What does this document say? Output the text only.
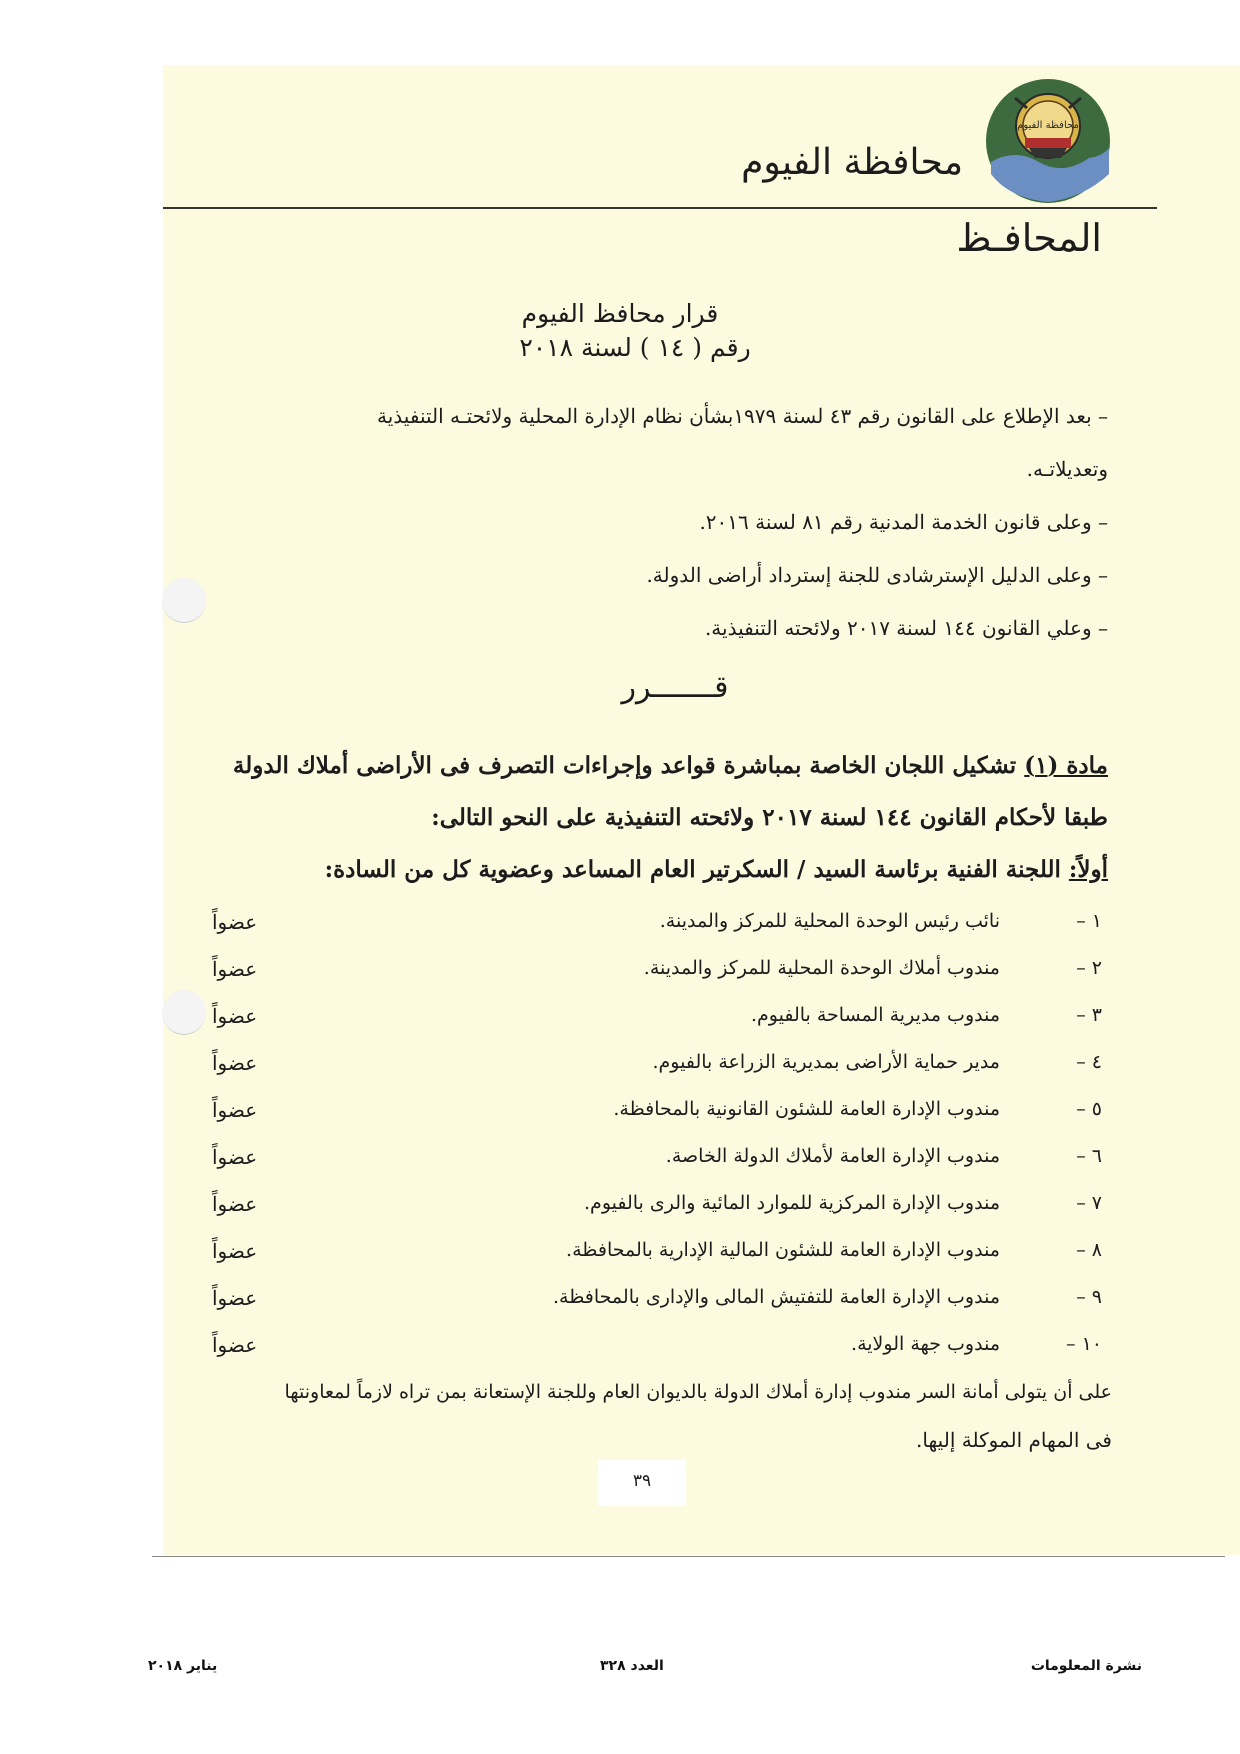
محافظة الفيوم
محافظة الفيوم
المحافـظ
قرار محافظ الفيوم
رقم ( ١٤ ) لسنة ٢٠١٨
– بعد الإطلاع على القانون رقم ٤٣ لسنة ١٩٧٩بشأن نظام الإدارة المحلية ولائحتـه التنفيذية
وتعديلاتـه.
– وعلى قانون الخدمة المدنية رقم ٨١ لسنة ٢٠١٦.
– وعلى الدليل الإسترشادى للجنة إسترداد أراضى الدولة.
– وعلي القانون ١٤٤ لسنة ٢٠١٧ ولائحته التنفيذية.
قـــــــرر
مادة (١) تشكيل اللجان الخاصة بمباشرة قواعد وإجراءات التصرف فى الأراضى أملاك الدولة
طبقا لأحكام القانون ١٤٤ لسنة ٢٠١٧ ولائحته التنفيذية على النحو التالى:
أولاً: اللجنة الفنية برئاسة السيد / السكرتير العام المساعد وعضوية كل من السادة:
١ –
نائب رئيس الوحدة المحلية للمركز والمدينة.
عضواً
٢ –
مندوب أملاك الوحدة المحلية للمركز والمدينة.
عضواً
٣ –
مندوب مديرية المساحة بالفيوم.
عضواً
٤ –
مدير حماية الأراضى بمديرية الزراعة بالفيوم.
عضواً
٥ –
مندوب الإدارة العامة للشئون القانونية بالمحافظة.
عضواً
٦ –
مندوب الإدارة العامة لأملاك الدولة الخاصة.
عضواً
٧ –
مندوب الإدارة المركزية للموارد المائية والرى بالفيوم.
عضواً
٨ –
مندوب الإدارة العامة للشئون المالية الإدارية بالمحافظة.
عضواً
٩ –
مندوب الإدارة العامة للتفتيش المالى والإدارى بالمحافظة.
عضواً
١٠ –
مندوب جهة الولاية.
عضواً
على أن يتولى أمانة السر مندوب إدارة أملاك الدولة بالديوان العام وللجنة الإستعانة بمن تراه لازماً لمعاونتها
فى المهام الموكلة إليها.
٣٩
نشرة المعلومات
العدد ٣٢٨
يناير ٢٠١٨
